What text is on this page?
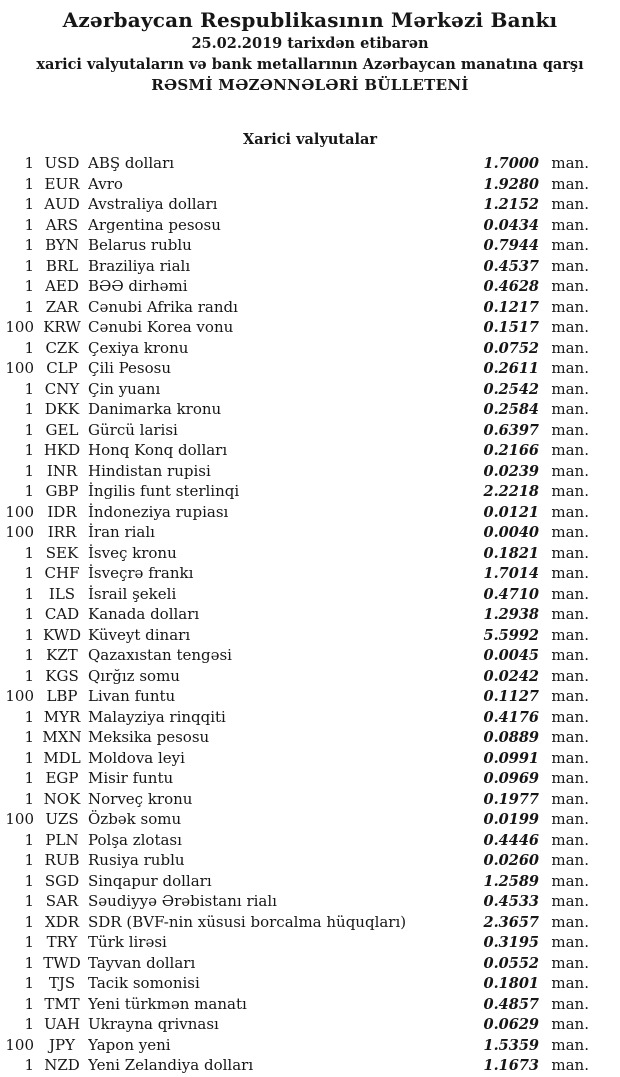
Azərbaycan Respublikasının Mərkəzi Bankı
25.02.2019 tarixdən etibarən
xarici valyutaların və bank metallarının Azərbaycan manatına qarşı
RƏSMİ MƏZƏNNƏLƏRİ BÜLLETENİ
Xarici valyutalar
1 USD ABŞ dolları	1.7000 man.
1 EUR Avro	1.9280 man.
1 AUD Avstraliya dolları	1.2152 man.
1 ARS Argentina pesosu	0.0434 man.
1 BYN Belarus rublu	0.7944 man.
1 BRL Braziliya rialı	0.4537 man.
1 AED BƏƏ dirhəmi	0.4628 man.
1 ZAR Cənubi Afrika randı	0.1217 man.
100 KRW Cənubi Korea vonu	0.1517 man.
1 CZK Çexiya kronu	0.0752 man.
100 CLP Çili Pesosu	0.2611 man.
1 CNY Çin yuanı	0.2542 man.
1 DKK Danimarka kronu	0.2584 man.
1 GEL Gürcü larisi	0.6397 man.
1 HKD Honq Konq dolları	0.2166 man.
1 INR Hindistan rupisi	0.0239 man.
1 GBP İngilis funt sterlinqi	2.2218 man.
100 IDR İndoneziya rupiası	0.0121 man.
100 IRR İran rialı	0.0040 man.
1 SEK İsveç kronu	0.1821 man.
1 CHF İsveçrə frankı	1.7014 man.
1 ILS İsrail şekeli	0.4710 man.
1 CAD Kanada dolları	1.2938 man.
1 KWD Küveyt dinarı	5.5992 man.
1 KZT Qazaxıstan tengəsi	0.0045 man.
1 KGS Qırğız somu	0.0242 man.
100 LBP Livan funtu	0.1127 man.
1 MYR Malayziya rinqqiti	0.4176 man.
1 MXN Meksika pesosu	0.0889 man.
1 MDL Moldova leyi	0.0991 man.
1 EGP Misir funtu	0.0969 man.
1 NOK Norveç kronu	0.1977 man.
100 UZS Özbək somu	0.0199 man.
1 PLN Polşa zlotası	0.4446 man.
1 RUB Rusiya rublu	0.0260 man.
1 SGD Sinqapur dolları	1.2589 man.
1 SAR Səudiyyə Ərəbistanı rialı	0.4533 man.
1 XDR SDR (BVF-nin xüsusi borcalma hüquqları)	2.3657 man.
1 TRY Türk lirəsi	0.3195 man.
1 TWD Tayvan dolları	0.0552 man.
1 TJS Tacik somonisi	0.1801 man.
1 TMT Yeni türkmən manatı	0.4857 man.
1 UAH Ukrayna qrivnası	0.0629 man.
100 JPY Yapon yeni	1.5359 man.
1 NZD Yeni Zelandiya dolları	1.1673 man.
